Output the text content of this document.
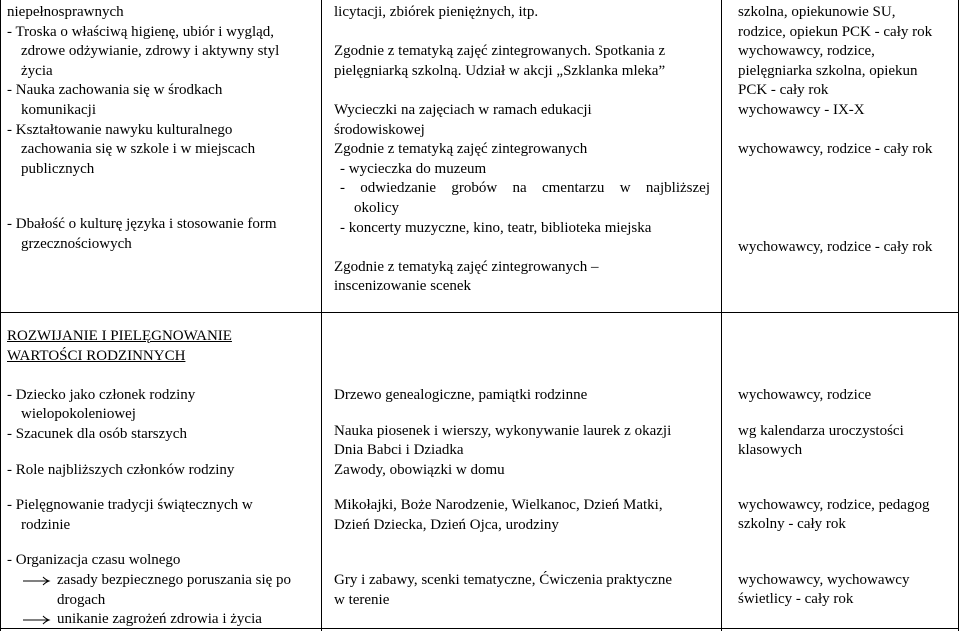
niepełnosprawnych

- Troska o właściwą higienę, ubiór i wygląd,

zdrowe odżywianie, zdrowy i aktywny styl

życia

- Nauka zachowania się w środkach

komunikacji

- Kształtowanie nawyku kulturalnego

zachowania się w szkole i w miejscach

publicznych

- Dbałość o kulturę języka i stosowanie form

grzecznościowych

licytacji, zbiórek pieniężnych, itp.

Zgodnie z tematyką zajęć zintegrowanych. Spotkania z

pielęgniarką szkolną. Udział w akcji „Szklanka mleka”

Wycieczki na zajęciach w ramach edukacji

środowiskowej

Zgodnie z tematyką zajęć zintegrowanych

- wycieczka do muzeum

- odwiedzanie grobów na cmentarzu w najbliższej

okolicy

- koncerty muzyczne, kino, teatr, biblioteka miejska

Zgodnie z tematyką zajęć zintegrowanych –

inscenizowanie scenek

szkolna, opiekunowie SU,

rodzice, opiekun PCK - cały rok

wychowawcy, rodzice,

pielęgniarka szkolna, opiekun

PCK - cały rok

wychowawcy - IX-X

wychowawcy, rodzice - cały rok

wychowawcy, rodzice - cały rok

ROZWIJANIE I PIELĘGNOWANIE

WARTOŚCI RODZINNYCH

- Dziecko jako członek rodziny

wielopokoleniowej

- Szacunek dla osób starszych

- Role najbliższych członków rodziny

- Pielęgnowanie tradycji świątecznych w

rodzinie

- Organizacja czasu wolnego

zasady bezpiecznego poruszania się po
drogach
unikanie zagrożeń zdrowia i życia

Drzewo genealogiczne, pamiątki rodzinne

Nauka piosenek i wierszy, wykonywanie laurek z okazji

Dnia Babci i Dziadka

Zawody, obowiązki w domu

Mikołajki, Boże Narodzenie, Wielkanoc, Dzień Matki,

Dzień Dziecka, Dzień Ojca, urodziny

Gry i zabawy, scenki tematyczne, Ćwiczenia praktyczne

w terenie

wychowawcy, rodzice

wg kalendarza uroczystości

klasowych

wychowawcy, rodzice, pedagog

szkolny - cały rok

wychowawcy, wychowawcy

świetlicy - cały rok
